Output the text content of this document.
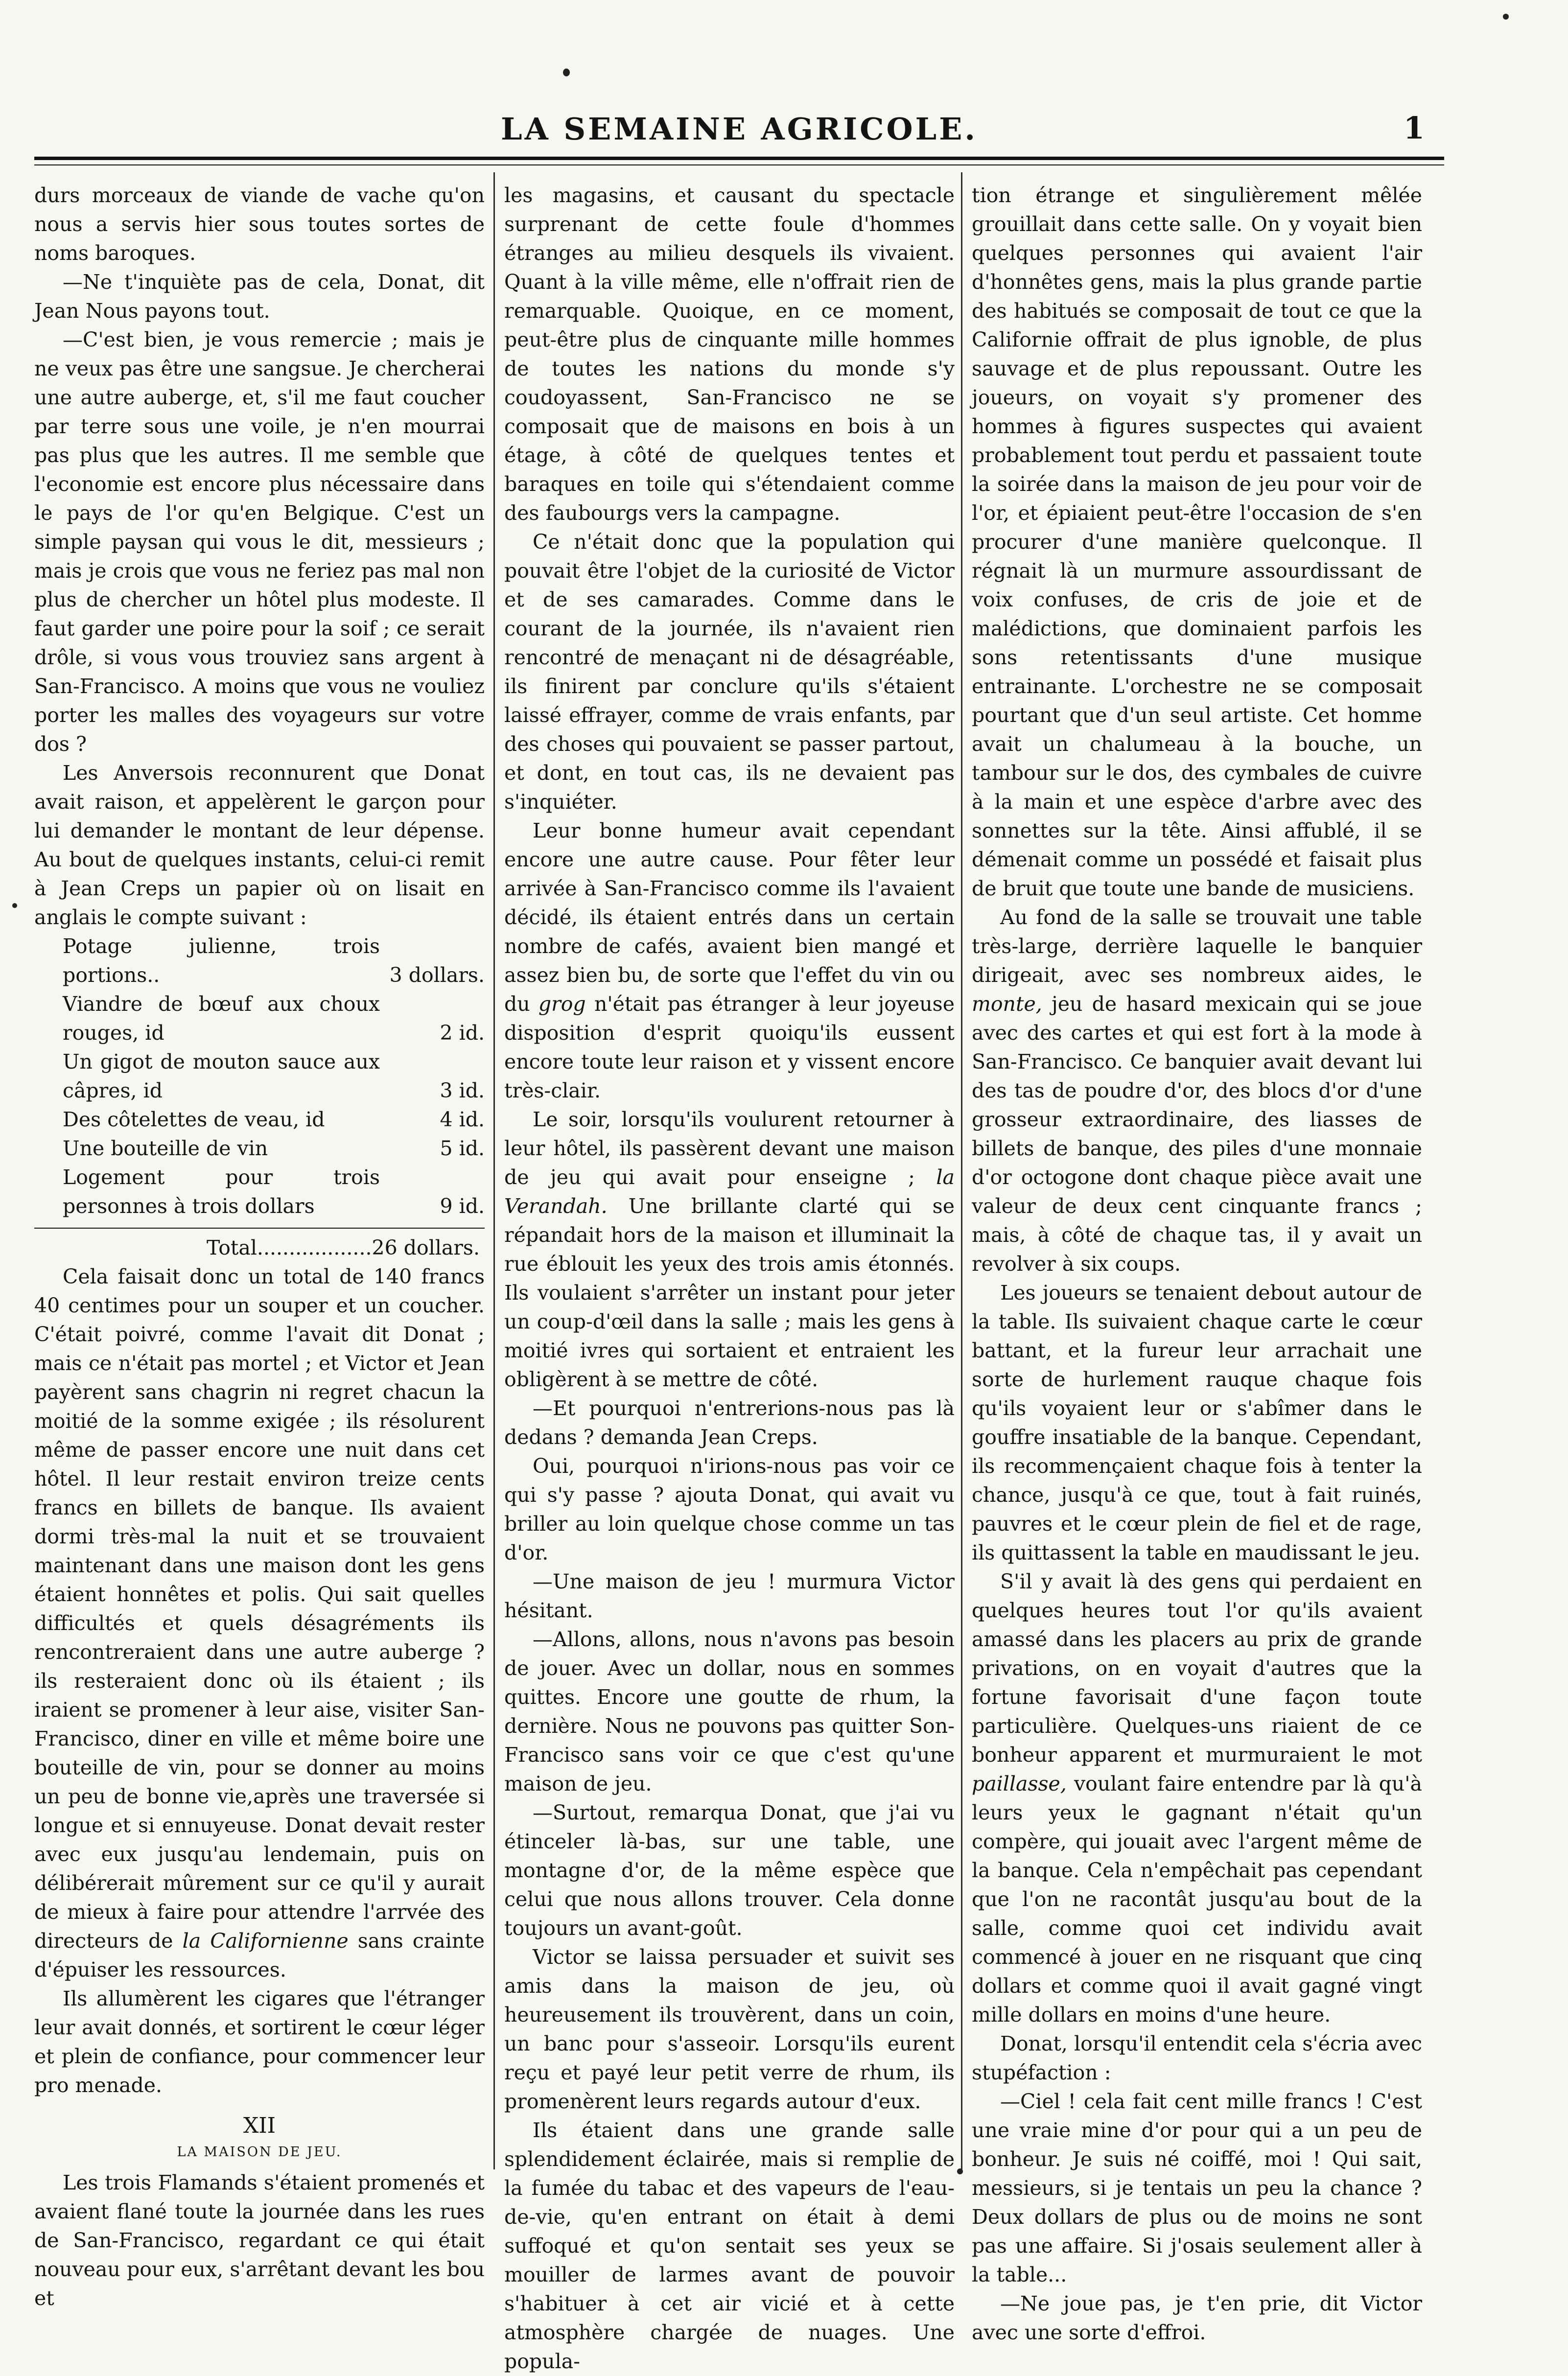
LA SEMAINE AGRICOLE.	1

durs morceaux de viande de vache qu'on nous a servis hier sous toutes sortes de noms baroques.

—Ne t'inquiète pas de cela, Donat, dit Jean Nous payons tout.

—C'est bien, je vous remercie ; mais je ne veux pas être une sangsue. Je chercherai une autre auberge, et, s'il me faut coucher par terre sous une voile, je n'en mourrai pas plus que les autres. Il me semble que l'economie est encore plus nécessaire dans le pays de l'or qu'en Belgique. C'est un simple paysan qui vous le dit, messieurs ; mais je crois que vous ne feriez pas mal non plus de chercher un hôtel plus modeste. Il faut garder une poire pour la soif ; ce serait drôle, si vous vous trouviez sans argent à San-Francisco. A moins que vous ne vouliez porter les malles des voyageurs sur votre dos ?

Les Anversois reconnurent que Donat avait raison, et appelèrent le garçon pour lui demander le montant de leur dépense. Au bout de quelques instants, celui-ci remit à Jean Creps un papier où on lisait en anglais le compte suivant :

Potage julienne, trois portions..	3 dollars.
Viandre de bœuf aux choux rouges, id	2 id.
Un gigot de mouton sauce aux câpres, id	3 id.
Des côtelettes de veau, id	4 id.
Une bouteille de vin	5 id.
Logement pour trois personnes à trois dollars	9 id.
Total..................26 dollars.

Cela faisait donc un total de 140 francs 40 centimes pour un souper et un coucher. C'était poivré, comme l'avait dit Donat ; mais ce n'était pas mortel ; et Victor et Jean payèrent sans chagrin ni regret chacun la moitié de la somme exigée ; ils résolurent même de passer encore une nuit dans cet hôtel. Il leur restait environ treize cents francs en billets de banque. Ils avaient dormi très-mal la nuit et se trouvaient maintenant dans une maison dont les gens étaient honnêtes et polis. Qui sait quelles difficultés et quels désagréments ils rencontreraient dans une autre auberge ? ils resteraient donc où ils étaient ; ils iraient se promener à leur aise, visiter San-Francisco, diner en ville et même boire une bouteille de vin, pour se donner au moins un peu de bonne vie,après une traversée si longue et si ennuyeuse. Donat devait rester avec eux jusqu'au lendemain, puis on délibérerait mûrement sur ce qu'il y aurait de mieux à faire pour attendre l'arrvée des directeurs de la Californienne sans crainte d'épuiser les ressources.

Ils allumèrent les cigares que l'étranger leur avait donnés, et sortirent le cœur léger et plein de confiance, pour commencer leur pro menade.

XII
LA MAISON DE JEU.

Les trois Flamands s'étaient promenés et avaient flané toute la journée dans les rues de San-Francisco, regardant ce qui était nouveau pour eux, s'arrêtant devant les bou et

les magasins, et causant du spectacle surprenant de cette foule d'hommes étranges au milieu desquels ils vivaient. Quant à la ville même, elle n'offrait rien de remarquable. Quoique, en ce moment, peut-être plus de cinquante mille hommes de toutes les nations du monde s'y coudoyassent, San-Francisco ne se composait que de maisons en bois à un étage, à côté de quelques tentes et baraques en toile qui s'étendaient comme des faubourgs vers la campagne.

Ce n'était donc que la population qui pouvait être l'objet de la curiosité de Victor et de ses camarades. Comme dans le courant de la journée, ils n'avaient rien rencontré de menaçant ni de désagréable, ils finirent par conclure qu'ils s'étaient laissé effrayer, comme de vrais enfants, par des choses qui pouvaient se passer partout, et dont, en tout cas, ils ne devaient pas s'inquiéter.

Leur bonne humeur avait cependant encore une autre cause. Pour fêter leur arrivée à San-Francisco comme ils l'avaient décidé, ils étaient entrés dans un certain nombre de cafés, avaient bien mangé et assez bien bu, de sorte que l'effet du vin ou du grog n'était pas étranger à leur joyeuse disposition d'esprit quoiqu'ils eussent encore toute leur raison et y vissent encore très-clair.

Le soir, lorsqu'ils voulurent retourner à leur hôtel, ils passèrent devant une maison de jeu qui avait pour enseigne ; la Verandah. Une brillante clarté qui se répandait hors de la maison et illuminait la rue éblouit les yeux des trois amis étonnés. Ils voulaient s'arrêter un instant pour jeter un coup-d'œil dans la salle ; mais les gens à moitié ivres qui sortaient et entraient les obligèrent à se mettre de côté.

—Et pourquoi n'entrerions-nous pas là dedans ? demanda Jean Creps.

Oui, pourquoi n'irions-nous pas voir ce qui s'y passe ? ajouta Donat, qui avait vu briller au loin quelque chose comme un tas d'or.

—Une maison de jeu ! murmura Victor hésitant.

—Allons, allons, nous n'avons pas besoin de jouer. Avec un dollar, nous en sommes quittes. Encore une goutte de rhum, la dernière. Nous ne pouvons pas quitter Son-Francisco sans voir ce que c'est qu'une maison de jeu.

—Surtout, remarqua Donat, que j'ai vu étinceler là-bas, sur une table, une montagne d'or, de la même espèce que celui que nous allons trouver. Cela donne toujours un avant-goût.

Victor se laissa persuader et suivit ses amis dans la maison de jeu, où heureusement ils trouvèrent, dans un coin, un banc pour s'asseoir. Lorsqu'ils eurent reçu et payé leur petit verre de rhum, ils promenèrent leurs regards autour d'eux.

Ils étaient dans une grande salle splendidement éclairée, mais si remplie de la fumée du tabac et des vapeurs de l'eau-de-vie, qu'en entrant on était à demi suffoqué et qu'on sentait ses yeux se mouiller de larmes avant de pouvoir s'habituer à cet air vicié et à cette atmosphère chargée de nuages. Une popula-

tion étrange et singulièrement mêlée grouillait dans cette salle. On y voyait bien quelques personnes qui avaient l'air d'honnêtes gens, mais la plus grande partie des habitués se composait de tout ce que la Californie offrait de plus ignoble, de plus sauvage et de plus repoussant. Outre les joueurs, on voyait s'y promener des hommes à figures suspectes qui avaient probablement tout perdu et passaient toute la soirée dans la maison de jeu pour voir de l'or, et épiaient peut-être l'occasion de s'en procurer d'une manière quelconque. Il régnait là un murmure assourdissant de voix confuses, de cris de joie et de malédictions, que dominaient parfois les sons retentissants d'une musique entrainante. L'orchestre ne se composait pourtant que d'un seul artiste. Cet homme avait un chalumeau à la bouche, un tambour sur le dos, des cymbales de cuivre à la main et une espèce d'arbre avec des sonnettes sur la tête. Ainsi affublé, il se démenait comme un possédé et faisait plus de bruit que toute une bande de musiciens.

Au fond de la salle se trouvait une table très-large, derrière laquelle le banquier dirigeait, avec ses nombreux aides, le monte, jeu de hasard mexicain qui se joue avec des cartes et qui est fort à la mode à San-Francisco. Ce banquier avait devant lui des tas de poudre d'or, des blocs d'or d'une grosseur extraordinaire, des liasses de billets de banque, des piles d'une monnaie d'or octogone dont chaque pièce avait une valeur de deux cent cinquante francs ; mais, à côté de chaque tas, il y avait un revolver à six coups.

Les joueurs se tenaient debout autour de la table. Ils suivaient chaque carte le cœur battant, et la fureur leur arrachait une sorte de hurlement rauque chaque fois qu'ils voyaient leur or s'abîmer dans le gouffre insatiable de la banque. Cependant, ils recommençaient chaque fois à tenter la chance, jusqu'à ce que, tout à fait ruinés, pauvres et le cœur plein de fiel et de rage, ils quittassent la table en maudissant le jeu.

S'il y avait là des gens qui perdaient en quelques heures tout l'or qu'ils avaient amassé dans les placers au prix de grande privations, on en voyait d'autres que la fortune favorisait d'une façon toute particulière. Quelques-uns riaient de ce bonheur apparent et murmuraient le mot paillasse, voulant faire entendre par là qu'à leurs yeux le gagnant n'était qu'un compère, qui jouait avec l'argent même de la banque. Cela n'empêchait pas cependant que l'on ne racontât jusqu'au bout de la salle, comme quoi cet individu avait commencé à jouer en ne risquant que cinq dollars et comme quoi il avait gagné vingt mille dollars en moins d'une heure.

Donat, lorsqu'il entendit cela s'écria avec stupéfaction :

—Ciel ! cela fait cent mille francs ! C'est une vraie mine d'or pour qui a un peu de bonheur. Je suis né coiffé, moi ! Qui sait, messieurs, si je tentais un peu la chance ? Deux dollars de plus ou de moins ne sont pas une affaire. Si j'osais seulement aller à la table...

—Ne joue pas, je t'en prie, dit Victor avec une sorte d'effroi.
